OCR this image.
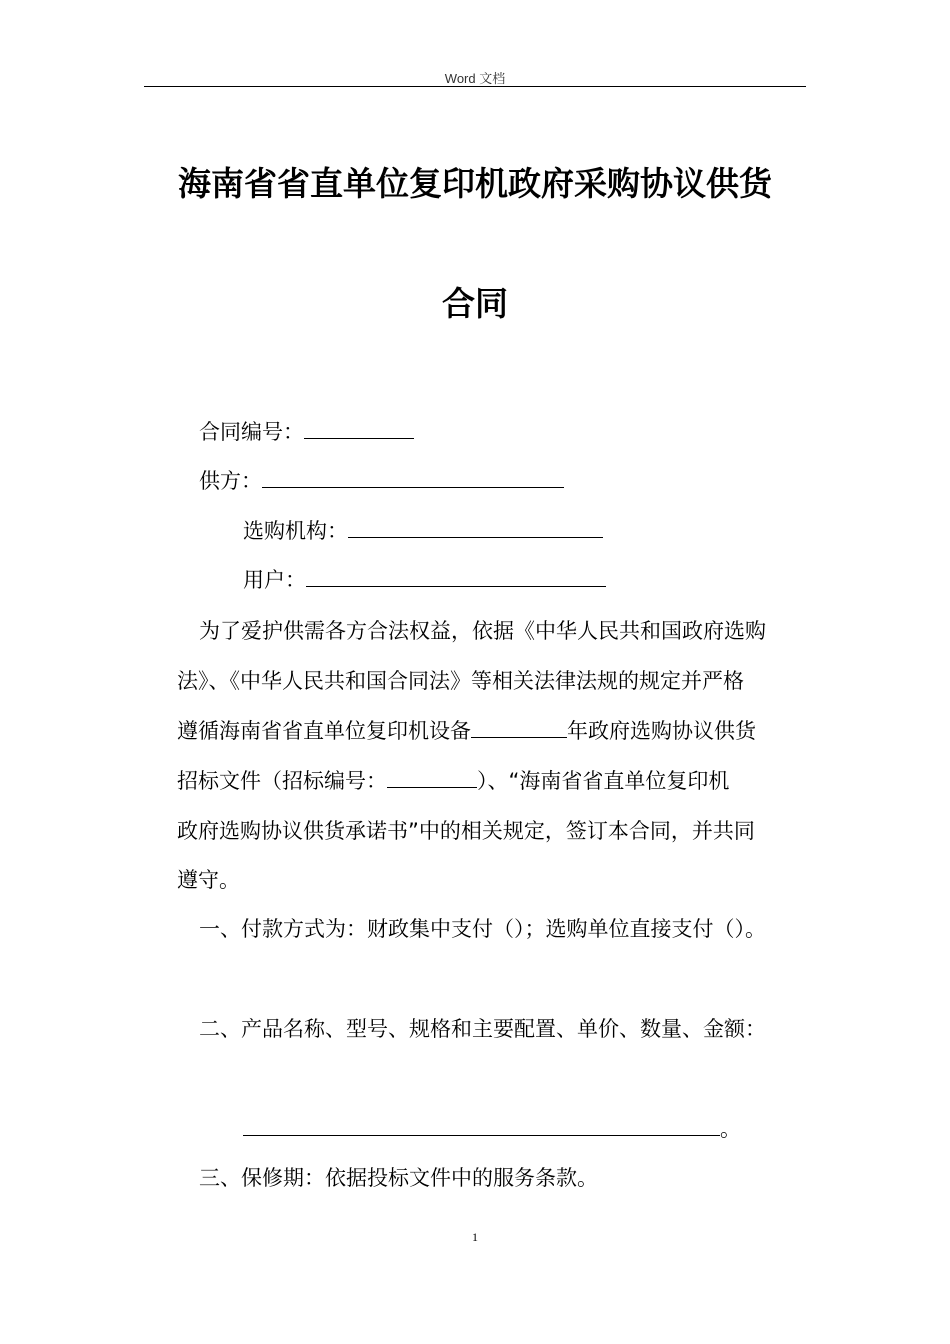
Word 文档
海南省省直单位复印机政府采购协议供货
合同
合同编号：
供方：
选购机构：
用户：
为了爱护供需各方合法权益，依据《中华人民共和国政府选购
法》、《中华人民共和国合同法》等相关法律法规的规定并严格
遵循海南省省直单位复印机设备	年政府选购协议供货
招标文件（招标编号：	）、“海南省省直单位复印机
政府选购协议供货承诺书”中的相关规定，签订本合同，并共同
遵守。
一、付款方式为：财政集中支付（）；选购单位直接支付（）。
二、产品名称、型号、规格和主要配置、单价、数量、金额：
。
三、保修期：依据投标文件中的服务条款。
1
